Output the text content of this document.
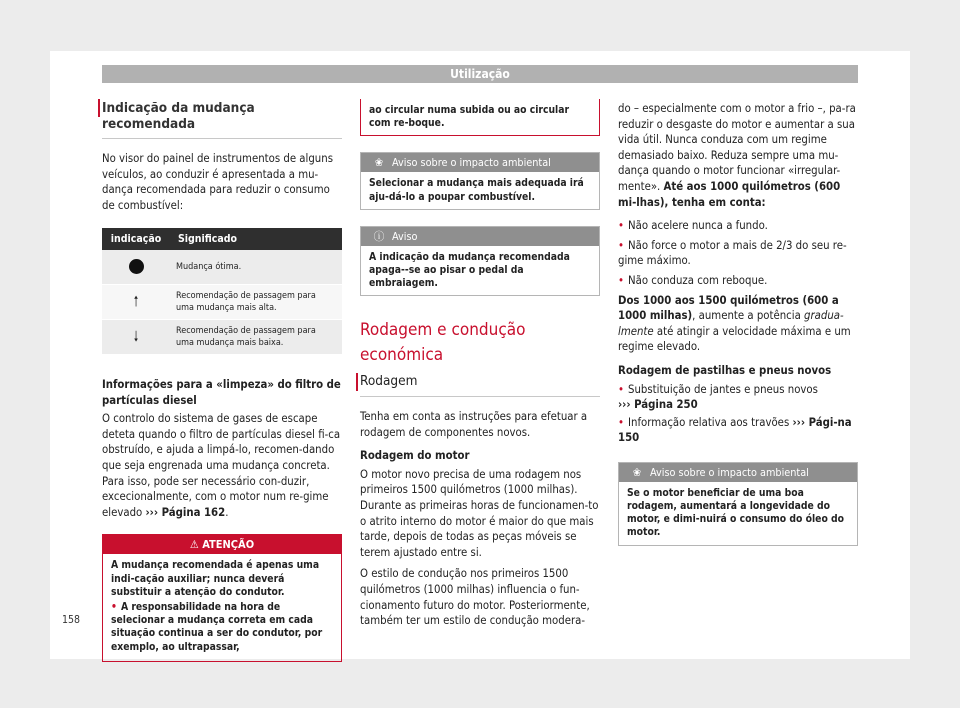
Utilização
Indicação da mudança recomendada

No visor do painel de instrumentos de alguns veículos, ao conduzir é apresentada a mu-dança recomendada para reduzir o consumo de combustível:

indicação	Significado
	Mudança ótima.
🠑	Recomendação de passagem para uma mudança mais alta.
🠓	Recomendação de passagem para uma mudança mais baixa.

Informações para a «limpeza» do filtro de partículas diesel

O controlo do sistema de gases de escape deteta quando o filtro de partículas diesel fi-ca obstruído, e ajuda a limpá-lo, recomen-dando que seja engrenada uma mudança concreta. Para isso, pode ser necessário con-duzir, excecionalmente, com o motor num re-gime elevado ››› Página 162.

⚠ ATENÇÃO

A mudança recomendada é apenas uma indi-cação auxiliar; nunca deverá substituir a atenção do condutor.

• A responsabilidade na hora de selecionar a mudança correta em cada situação continua a ser do condutor, por exemplo, ao ultrapassar,

ao circular numa subida ou ao circular com re-boque.
❀ Aviso sobre o impacto ambiental
Selecionar a mudança mais adequada irá aju-dá-lo a poupar combustível.
ⓘ Aviso
A indicação da mudança recomendada apaga--se ao pisar o pedal da embraiagem.
Rodagem e condução económica
Rodagem

Tenha em conta as instruções para efetuar a rodagem de componentes novos.

Rodagem do motor

O motor novo precisa de uma rodagem nos primeiros 1500 quilómetros (1000 milhas). Durante as primeiras horas de funcionamen-to o atrito interno do motor é maior do que mais tarde, depois de todas as peças móveis se terem ajustado entre si.

O estilo de condução nos primeiros 1500 quilómetros (1000 milhas) influencia o fun-cionamento futuro do motor. Posteriormente, também ter um estilo de condução modera-

do – especialmente com o motor a frio –, pa-ra reduzir o desgaste do motor e aumentar a sua vida útil. Nunca conduza com um regime demasiado baixo. Reduza sempre uma mu-dança quando o motor funcionar «irregular-mente». Até aos 1000 quilómetros (600 mi-lhas), tenha em conta:

• Não acelere nunca a fundo.

• Não force o motor a mais de 2/3 do seu re-gime máximo.

• Não conduza com reboque.

Dos 1000 aos 1500 quilómetros (600 a 1000 milhas), aumente a potência gradua-lmente até atingir a velocidade máxima e um regime elevado.

Rodagem de pastilhas e pneus novos

• Substituição de jantes e pneus novos
››› Página 250

• Informação relativa aos travões ››› Pági-na 150

❀ Aviso sobre o impacto ambiental
Se o motor beneficiar de uma boa rodagem, aumentará a longevidade do motor, e dimi-nuirá o consumo do óleo do motor.
158
